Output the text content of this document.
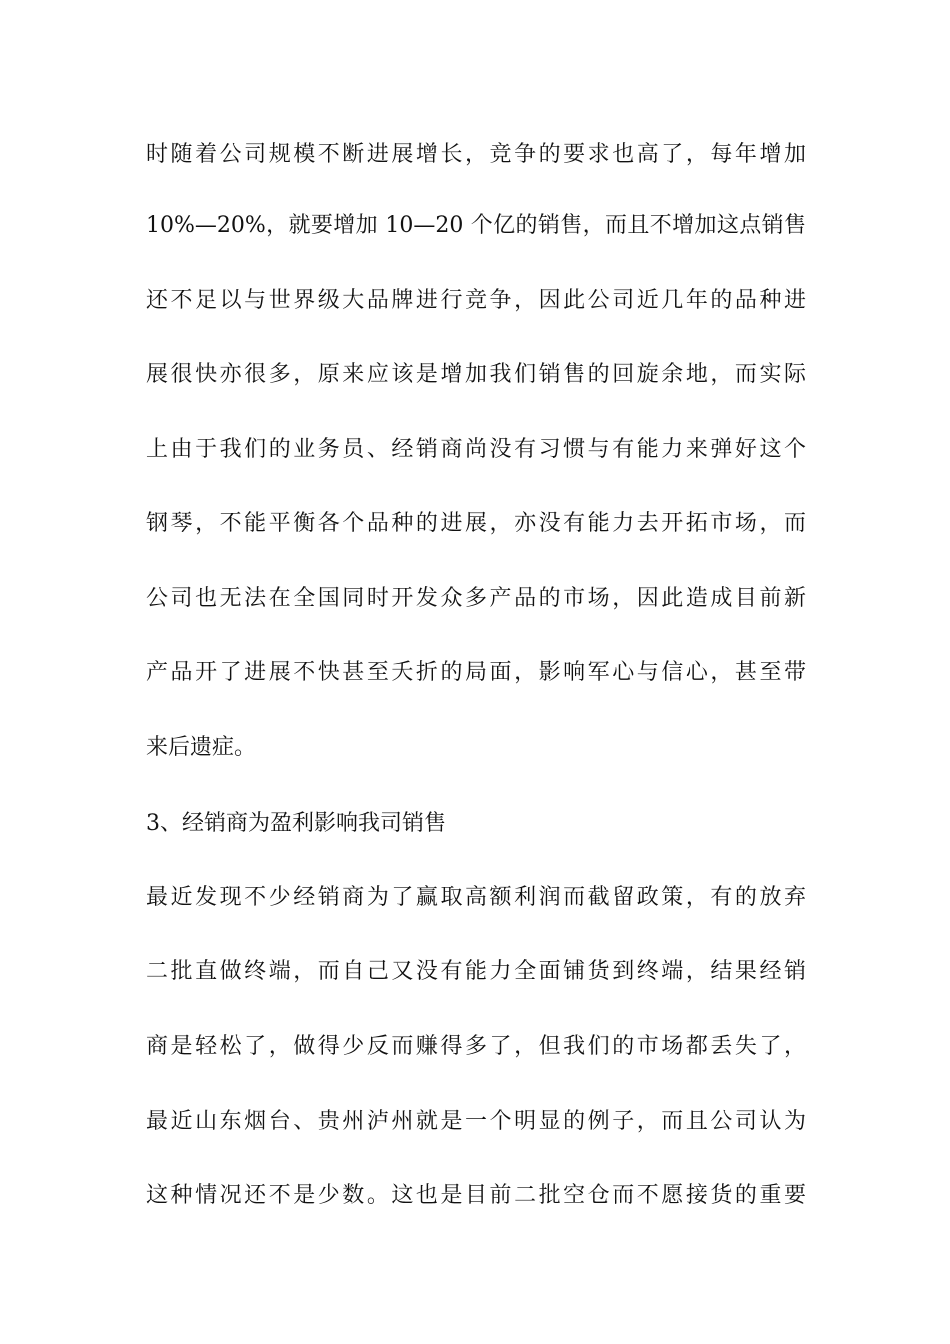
时随着公司规模不断进展增长，竞争的要求也高了，每年增加
10%—20%，就要增加 10—20 个亿的销售，而且不增加这点销售
还不足以与世界级大品牌进行竞争，因此公司近几年的品种进
展很快亦很多，原来应该是增加我们销售的回旋余地，而实际
上由于我们的业务员、经销商尚没有习惯与有能力来弹好这个
钢琴，不能平衡各个品种的进展，亦没有能力去开拓市场，而
公司也无法在全国同时开发众多产品的市场，因此造成目前新
产品开了进展不快甚至夭折的局面，影响军心与信心，甚至带
来后遗症。
3、经销商为盈利影响我司销售
最近发现不少经销商为了赢取高额利润而截留政策，有的放弃
二批直做终端，而自己又没有能力全面铺货到终端，结果经销
商是轻松了，做得少反而赚得多了，但我们的市场都丢失了，
最近山东烟台、贵州泸州就是一个明显的例子，而且公司认为
这种情况还不是少数。这也是目前二批空仓而不愿接货的重要
